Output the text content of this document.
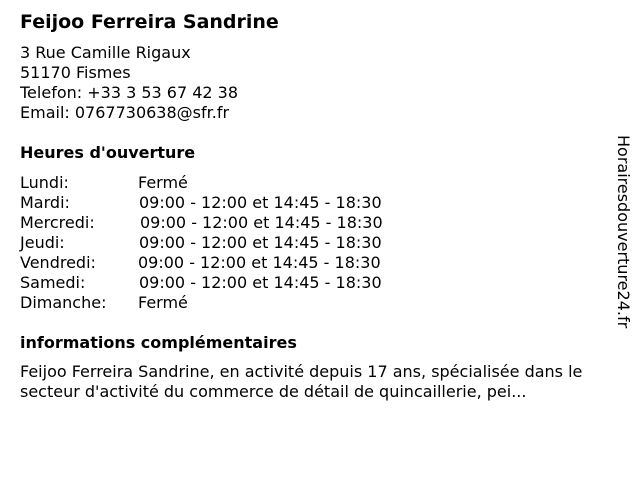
Feijoo Ferreira Sandrine
3 Rue Camille Rigaux
51170 Fismes
Telefon: +33 3 53 67 42 38
Email: 0767730638@sfr.fr
Heures d'ouverture
Lundi:	Fermé
Mardi:	09:00 - 12:00 et 14:45 - 18:30
Mercredi:	09:00 - 12:00 et 14:45 - 18:30
Jeudi:	09:00 - 12:00 et 14:45 - 18:30
Vendredi:	09:00 - 12:00 et 14:45 - 18:30
Samedi:	09:00 - 12:00 et 14:45 - 18:30
Dimanche:	Fermé
informations complémentaires
Feijoo Ferreira Sandrine, en activité depuis 17 ans, spécialisée dans le secteur d'activité du commerce de détail de quincaillerie, pei...
Horairesdouverture24.fr
